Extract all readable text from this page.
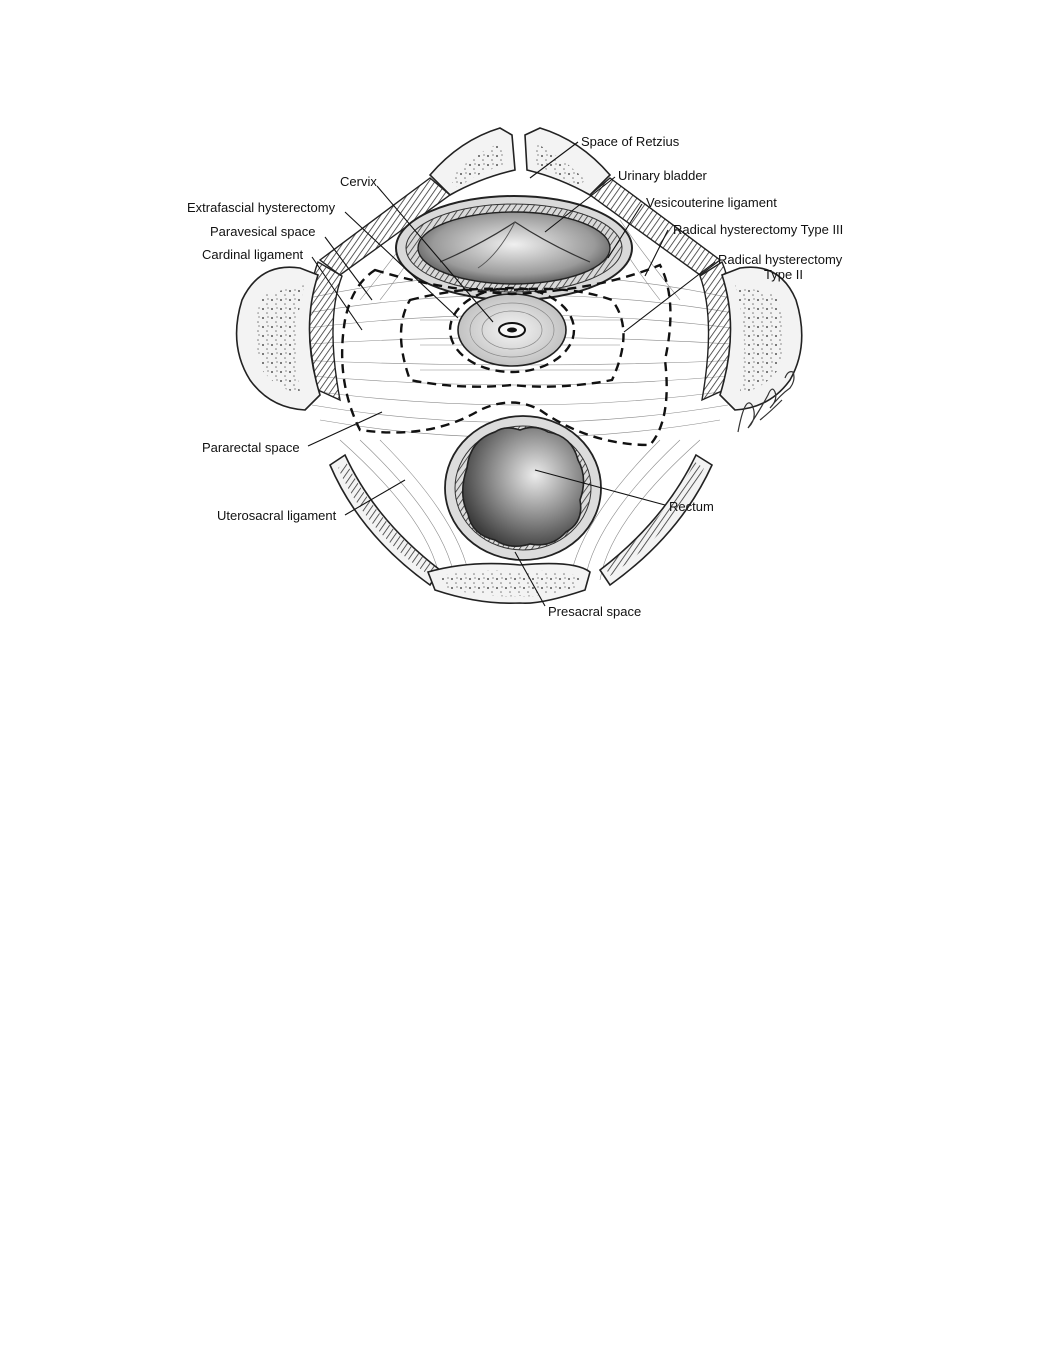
Space of Retzius
Urinary bladder
Vesicouterine ligament
Radical hysterectomy Type III
Radical hysterectomy
Type II
Cervix
Extrafascial hysterectomy
Paravesical space
Cardinal ligament
Pararectal space
Uterosacral ligament
Rectum
Presacral space
